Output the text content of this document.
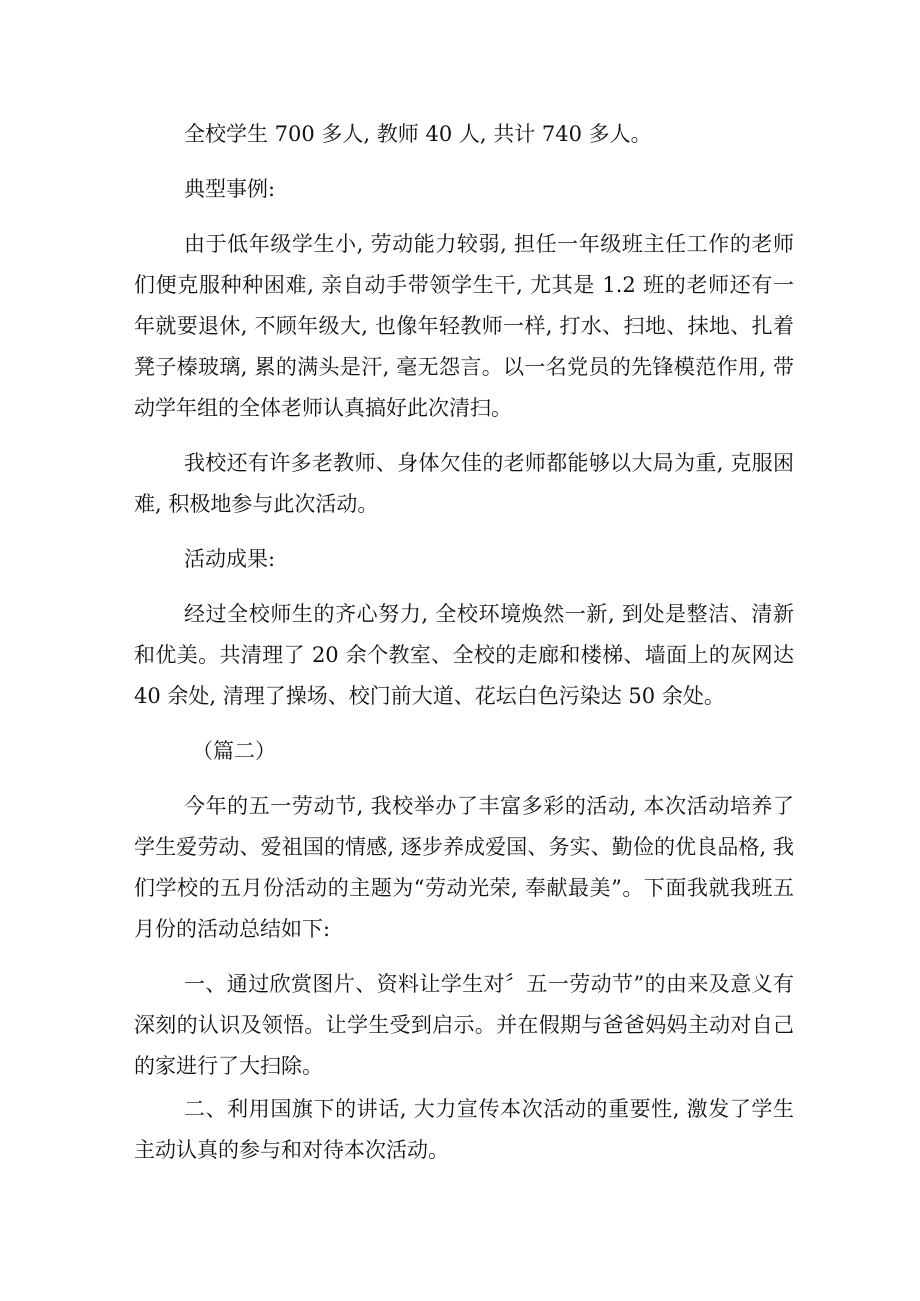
全校学生 700 多人, 教师 40 人, 共计 740 多人。

典型事例:

由于低年级学生小, 劳动能力较弱, 担任一年级班主任工作的老师们便克服种种困难, 亲自动手带领学生干, 尤其是 1.2 班的老师还有一年就要退休, 不顾年级大, 也像年轻教师一样, 打水、扫地、抹地、扎着凳子榛玻璃, 累的满头是汗, 毫无怨言。以一名党员的先锋模范作用, 带动学年组的全体老师认真搞好此次清扫。

我校还有许多老教师、身体欠佳的老师都能够以大局为重, 克服困难, 积极地参与此次活动。

活动成果:

经过全校师生的齐心努力, 全校环境焕然一新, 到处是整洁、清新和优美。共清理了 20 余个教室、全校的走廊和楼梯、墙面上的灰网达 40 余处, 清理了操场、校门前大道、花坛白色污染达 50 余处。

（篇二）

今年的五一劳动节, 我校举办了丰富多彩的活动, 本次活动培养了学生爱劳动、爱祖国的情感, 逐步养成爱国、务实、勤俭的优良品格, 我们学校的五月份活动的主题为“劳动光荣, 奉献最美”。下面我就我班五月份的活动总结如下:

一、通过欣赏图片、资料让学生对〞五一劳动节”的由来及意义有深刻的认识及领悟。让学生受到启示。并在假期与爸爸妈妈主动对自己的家进行了大扫除。

二、利用国旗下的讲话, 大力宣传本次活动的重要性, 激发了学生主动认真的参与和对待本次活动。
